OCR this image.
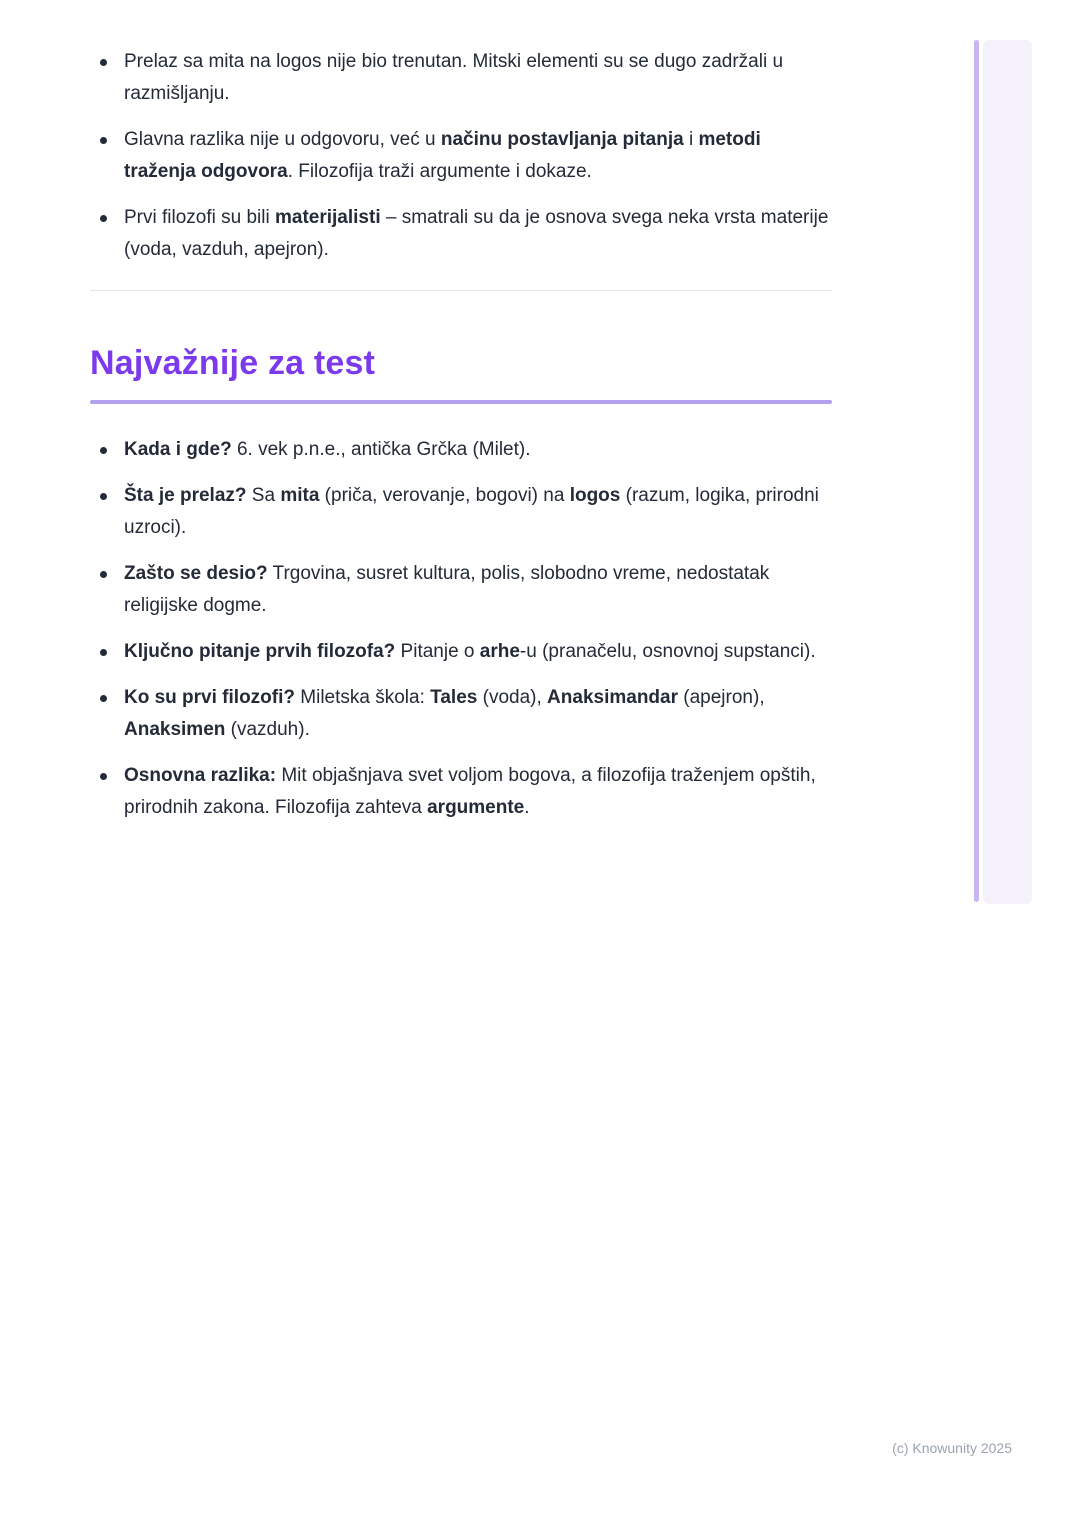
Prelaz sa mita na logos nije bio trenutan. Mitski elementi su se dugo zadržali u razmišljanju.
Glavna razlika nije u odgovoru, već u načinu postavljanja pitanja i metodi traženja odgovora. Filozofija traži argumente i dokaze.
Prvi filozofi su bili materijalisti – smatrali su da je osnova svega neka vrsta materije (voda, vazduh, apejron).
Najvažnije za test
Kada i gde? 6. vek p.n.e., antička Grčka (Milet).
Šta je prelaz? Sa mita (priča, verovanje, bogovi) na logos (razum, logika, prirodni uzroci).
Zašto se desio? Trgovina, susret kultura, polis, slobodno vreme, nedostatak religijske dogme.
Ključno pitanje prvih filozofa? Pitanje o arhe-u (pranačelu, osnovnoj supstanci).
Ko su prvi filozofi? Miletska škola: Tales (voda), Anaksimandar (apejron), Anaksimen (vazduh).
Osnovna razlika: Mit objašnjava svet voljom bogova, a filozofija traženjem opštih, prirodnih zakona. Filozofija zahteva argumente.
(c) Knowunity 2025
